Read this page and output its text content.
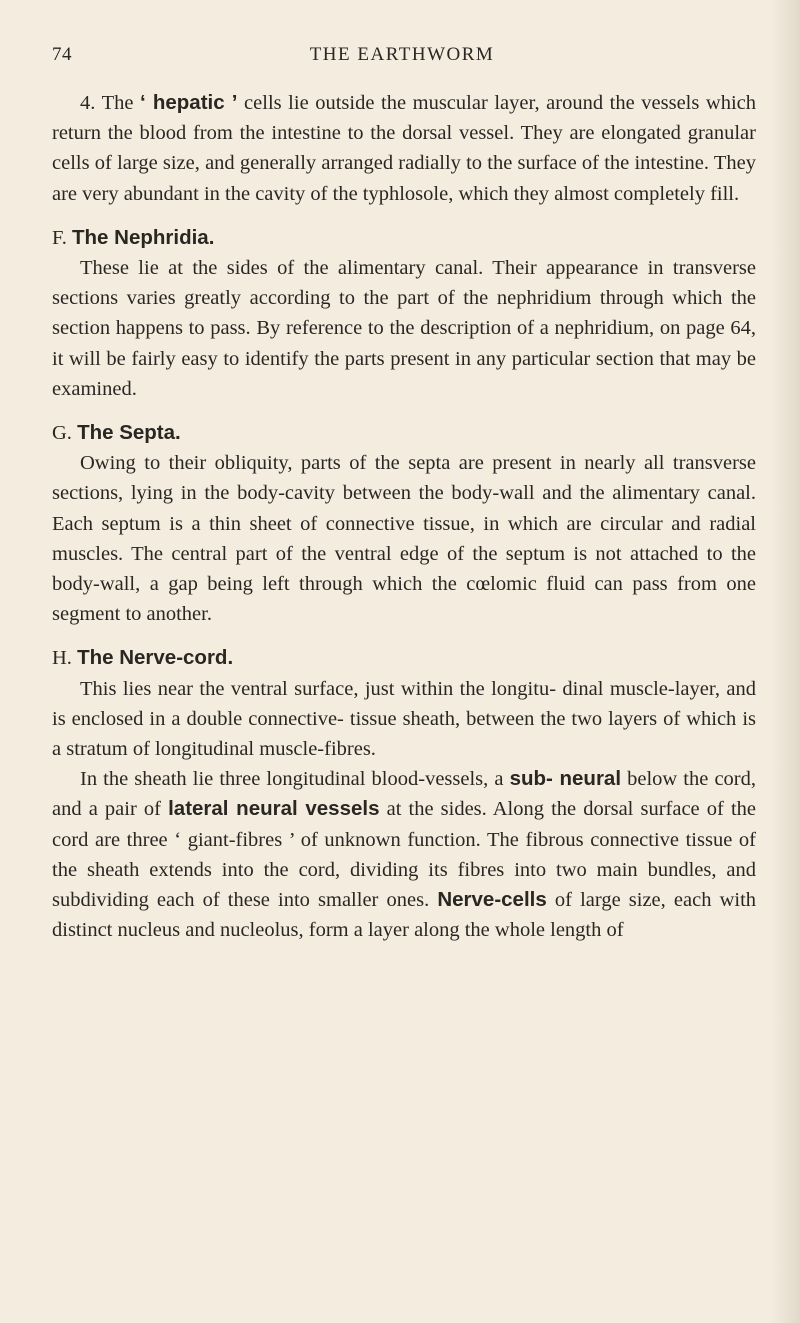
74	THE EARTHWORM

4. The ‘ hepatic ’ cells lie outside the muscular layer, around the vessels which return the blood from the intestine to the dorsal vessel. They are elongated granular cells of large size, and generally arranged radially to the surface of the intestine. They are very abundant in the cavity of the typhlosole, which they almost completely fill.

F. The Nephridia.

These lie at the sides of the alimentary canal. Their appearance in transverse sections varies greatly according to the part of the nephridium through which the section happens to pass. By reference to the description of a nephridium, on page 64, it will be fairly easy to identify the parts present in any particular section that may be examined.

G. The Septa.

Owing to their obliquity, parts of the septa are present in nearly all transverse sections, lying in the body-cavity between the body-wall and the alimentary canal. Each septum is a thin sheet of connective tissue, in which are circular and radial muscles. The central part of the ventral edge of the septum is not attached to the body-wall, a gap being left through which the cœlomic fluid can pass from one segment to another.

H. The Nerve-cord.

This lies near the ventral surface, just within the longitu- dinal muscle-layer, and is enclosed in a double connective- tissue sheath, between the two layers of which is a stratum of longitudinal muscle-fibres.

In the sheath lie three longitudinal blood-vessels, a sub- neural below the cord, and a pair of lateral neural vessels at the sides. Along the dorsal surface of the cord are three ‘ giant-fibres ’ of unknown function. The fibrous connective tissue of the sheath extends into the cord, dividing its fibres into two main bundles, and subdividing each of these into smaller ones. Nerve-cells of large size, each with distinct nucleus and nucleolus, form a layer along the whole length of
